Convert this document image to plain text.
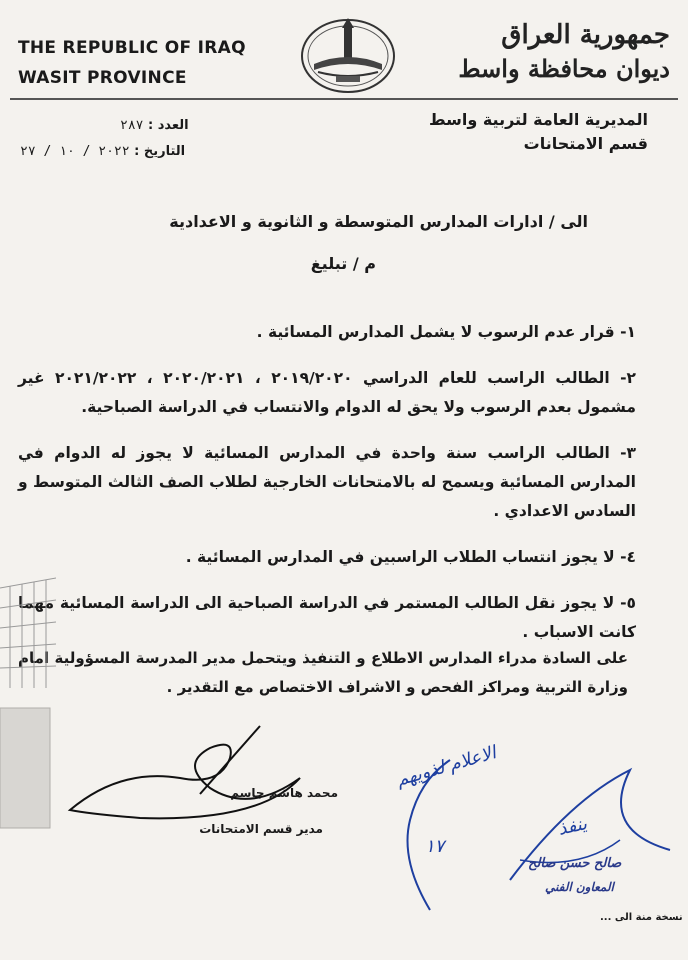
THE REPUBLIC OF IRAQ
WASIT PROVINCE
جمهورية العراق
ديوان محافظة واسط
المديرية العامة لتربية واسط
قسم الامتحانات
العدد : ٢٨٧
التاريخ : ٢٠٢٢ / ١٠ / ٢٧
الى / ادارات المدارس المتوسطة و الثانوية و الاعدادية
م / تبليغ

١- قرار عدم الرسوب لا يشمل المدارس المسائية .

٢- الطالب الراسب للعام الدراسي ٢٠١٩/٢٠٢٠ ، ٢٠٢٠/٢٠٢١ ، ٢٠٢١/٢٠٢٢ غير مشمول بعدم الرسوب ولا يحق له الدوام والانتساب في الدراسة الصباحية.

٣- الطالب الراسب سنة واحدة في المدارس المسائية لا يجوز له الدوام في المدارس المسائية ويسمح له بالامتحانات الخارجية لطلاب الصف الثالث المتوسط و السادس الاعدادي .

٤- لا يجوز انتساب الطلاب الراسبين في المدارس المسائية .

٥- لا يجوز نقل الطالب المستمر في الدراسة الصباحية الى الدراسة المسائية مهما كانت الاسباب .

على السادة مدراء المدارس الاطلاع و التنفيذ ويتحمل مدير المدرسة المسؤولية امام وزارة التربية ومراكز الفحص و الاشراف الاختصاص مع التقدير .
محمد هاشم جاسم
مدير قسم الامتحانات
الاعلام لذويهم
١٧
ينفذ
صالح حسن صالح
المعاون الفني
نسخة منة الى ...
